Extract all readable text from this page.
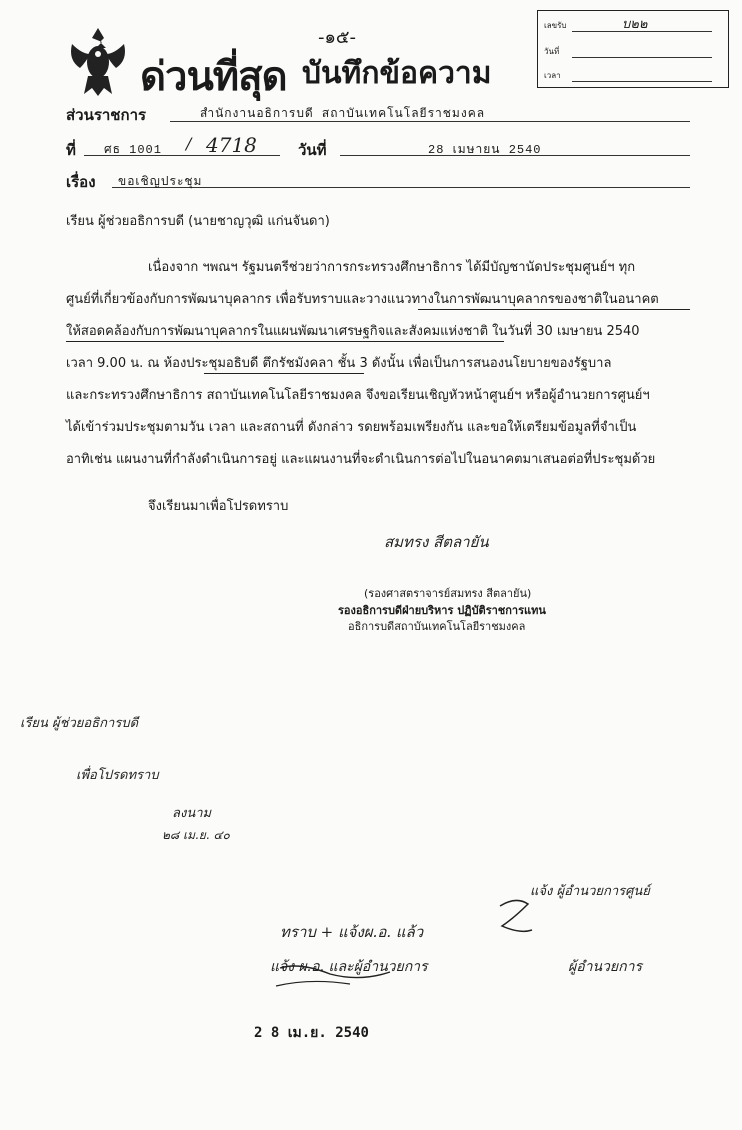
-๑๕-
ด่วนที่สุด บันทึกข้อความ
เลขรับ	บ๒๒
วันที่
เวลา
ส่วนราชการ	สำนักงานอธิการบดี สถาบันเทคโนโลยีราชมงคล
ที่ ศธ 1001 / 4718	วันที่	28 เมษายน 2540
เรื่อง ขอเชิญประชุม
เรียน ผู้ช่วยอธิการบดี (นายชาญวุฒิ แก่นจันดา)
เนื่องจาก ฯพณฯ รัฐมนตรีช่วยว่าการกระทรวงศึกษาธิการ ได้มีบัญชานัดประชุมศูนย์ฯ ทุก
ศูนย์ที่เกี่ยวข้องกับการพัฒนาบุคลากร เพื่อรับทราบและวางแนวทางในการพัฒนาบุคลากรของชาติในอนาคต
ให้สอดคล้องกับการพัฒนาบุคลากรในแผนพัฒนาเศรษฐกิจและสังคมแห่งชาติ ในวันที่ 30 เมษายน 2540
เวลา 9.00 น. ณ ห้องประชุมอธิบดี ตึกรัชมังคลา ชั้น 3 ดังนั้น เพื่อเป็นการสนองนโยบายของรัฐบาล
และกระทรวงศึกษาธิการ สถาบันเทคโนโลยีราชมงคล จึงขอเรียนเชิญหัวหน้าศูนย์ฯ หรือผู้อำนวยการศูนย์ฯ
ได้เข้าร่วมประชุมตามวัน เวลา และสถานที่ ดังกล่าว รดยพร้อมเพรียงกัน และขอให้เตรียมข้อมูลที่จำเป็น
อาทิเช่น แผนงานที่กำลังดำเนินการอยู่ และแผนงานที่จะดำเนินการต่อไปในอนาคตมาเสนอต่อที่ประชุมด้วย
จึงเรียนมาเพื่อโปรดทราบ
สมทรง สีตลายัน
(รองศาสตราจารย์สมทรง สีตลายัน)
รองอธิการบดีฝ่ายบริหาร ปฏิบัติราชการแทน
อธิการบดีสถาบันเทคโนโลยีราชมงคล
เรียน ผู้ช่วยอธิการบดี
เพื่อโปรดทราบ
ลงนาม
๒๘ เม.ย. ๔๐
ทราบ + แจ้งผ.อ. แล้ว
แจ้ง ผู้อำนวยการศูนย์
แจ้ง ผ.อ. และผู้อำนวยการ	ผู้อำนวยการ
2 8 เม.ย. 2540
